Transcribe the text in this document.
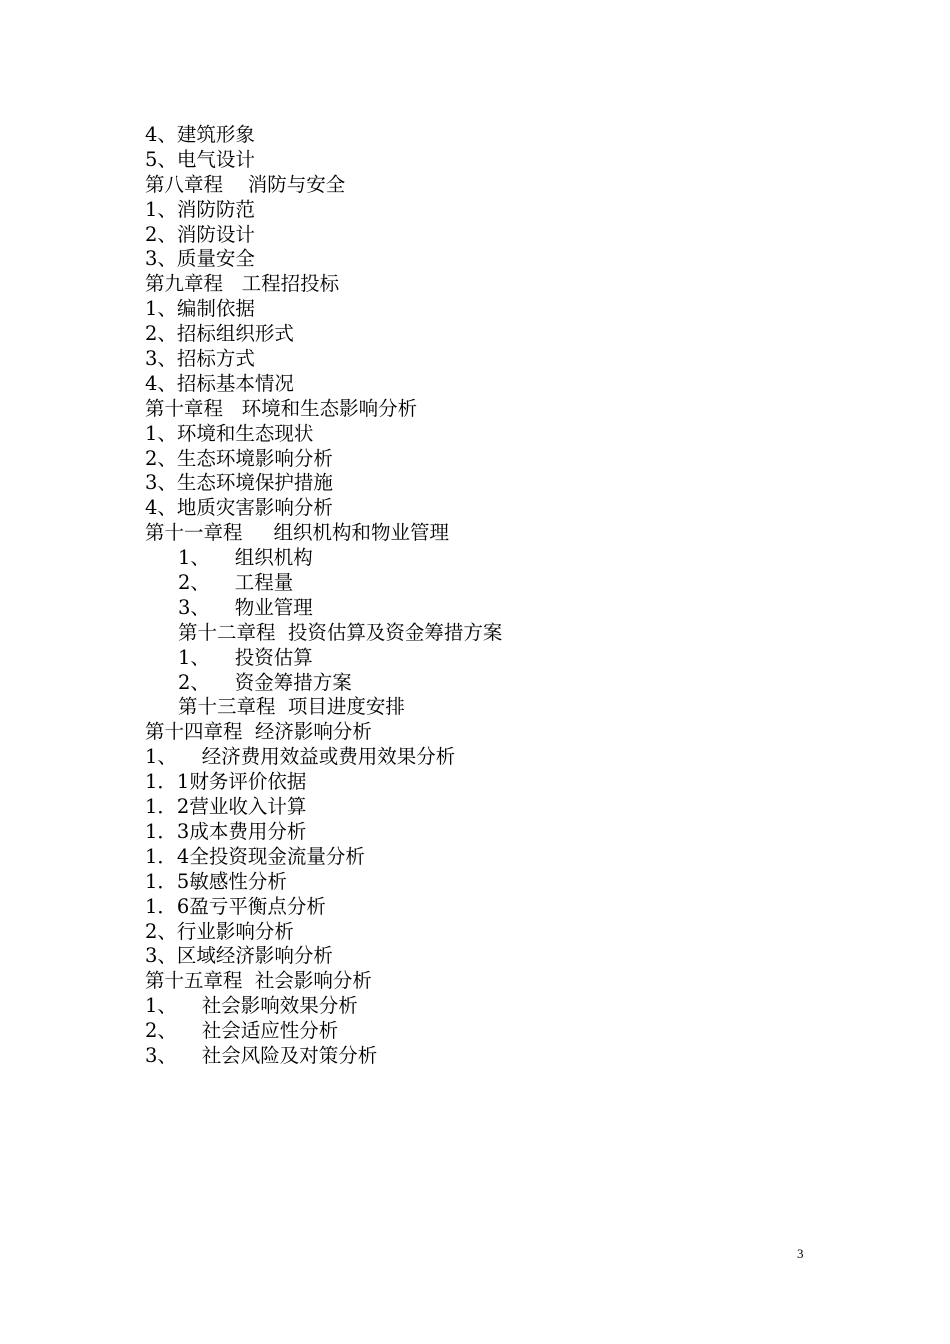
4、建筑形象
5、电气设计
第八章程    消防与安全
1、消防防范
2、消防设计
3、质量安全
第九章程   工程招投标
1、编制依据
2、招标组织形式
3、招标方式
4、招标基本情况
第十章程   环境和生态影响分析
1、环境和生态现状
2、生态环境影响分析
3、生态环境保护措施
4、地质灾害影响分析
第十一章程     组织机构和物业管理
1、    组织机构
2、    工程量
3、    物业管理
第十二章程  投资估算及资金筹措方案
1、    投资估算
2、    资金筹措方案
第十三章程  项目进度安排
第十四章程  经济影响分析
1、    经济费用效益或费用效果分析
1．1财务评价依据
1．2营业收入计算
1．3成本费用分析
1．4全投资现金流量分析
1．5敏感性分析
1．6盈亏平衡点分析
2、行业影响分析
3、区域经济影响分析
第十五章程  社会影响分析
1、    社会影响效果分析
2、    社会适应性分析
3、    社会风险及对策分析
3
